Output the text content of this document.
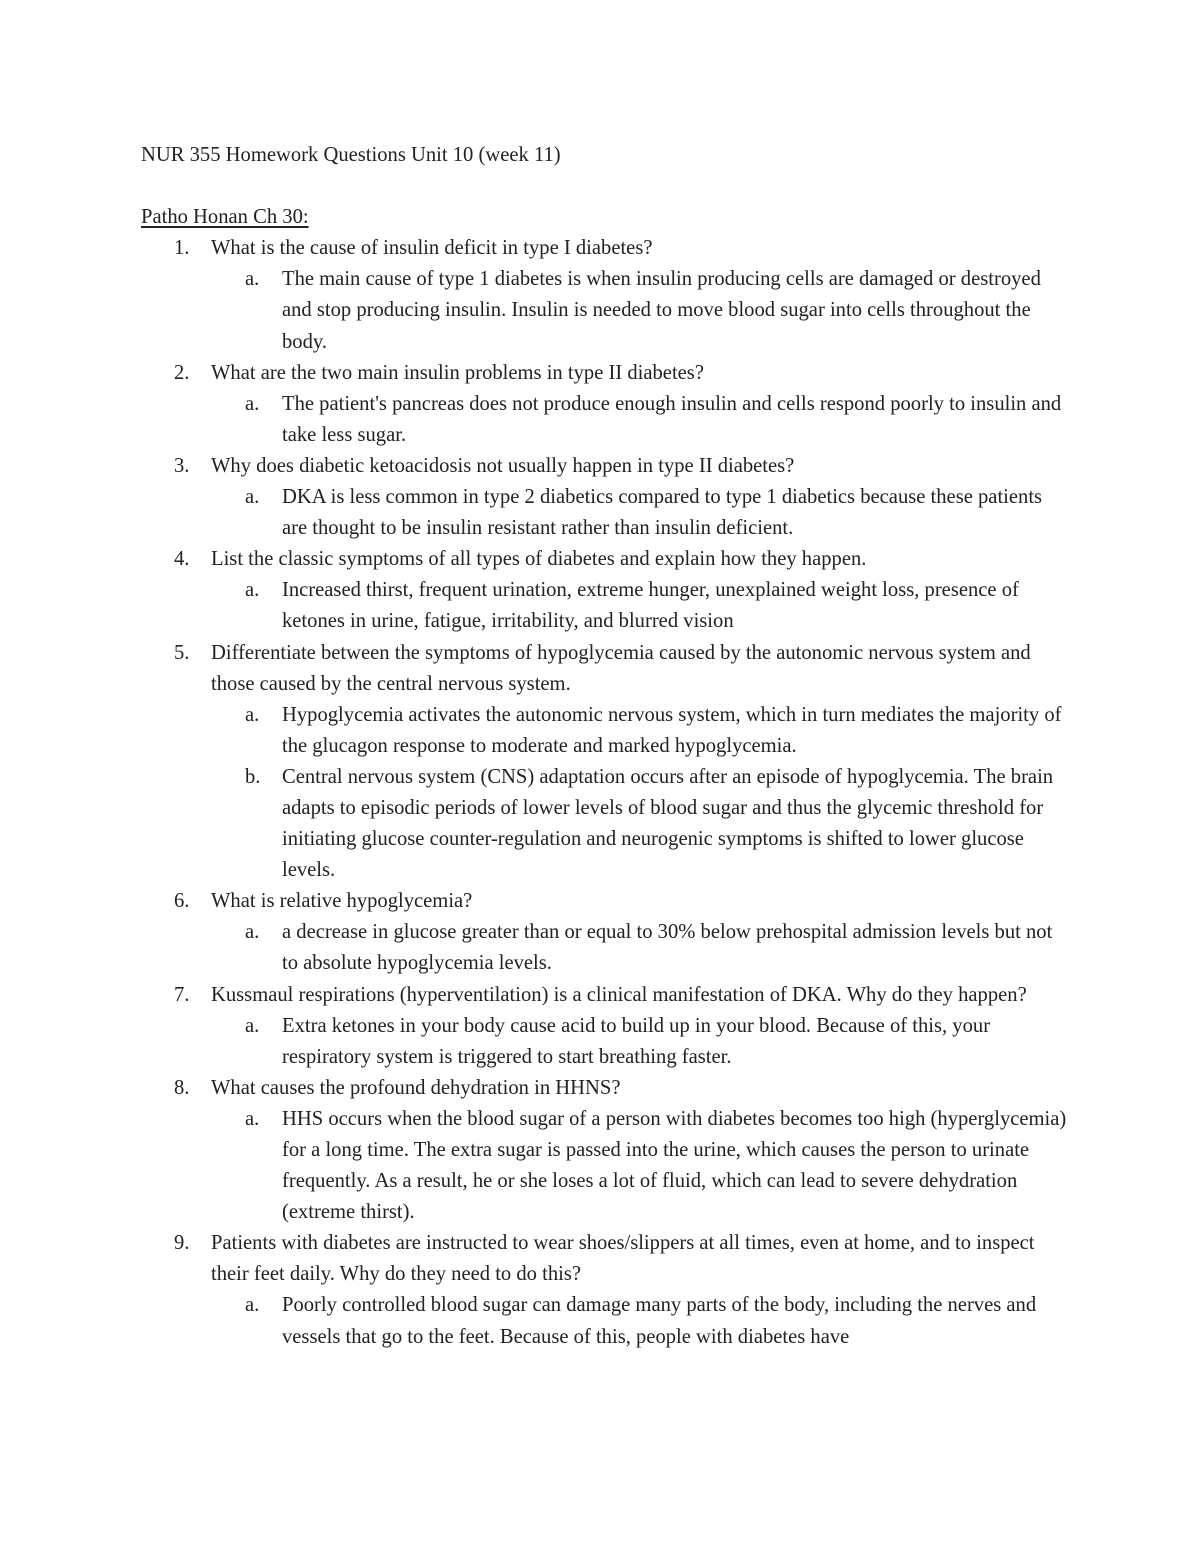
NUR 355 Homework Questions Unit 10 (week 11)
Patho Honan Ch 30:
1. What is the cause of insulin deficit in type I diabetes?
a. The main cause of type 1 diabetes is when insulin producing cells are damaged or destroyed and stop producing insulin. Insulin is needed to move blood sugar into cells throughout the body.
2. What are the two main insulin problems in type II diabetes?
a. The patient's pancreas does not produce enough insulin and cells respond poorly to insulin and take less sugar.
3. Why does diabetic ketoacidosis not usually happen in type II diabetes?
a. DKA is less common in type 2 diabetics compared to type 1 diabetics because these patients are thought to be insulin resistant rather than insulin deficient.
4. List the classic symptoms of all types of diabetes and explain how they happen.
a. Increased thirst, frequent urination, extreme hunger, unexplained weight loss, presence of ketones in urine, fatigue, irritability, and blurred vision
5. Differentiate between the symptoms of hypoglycemia caused by the autonomic nervous system and those caused by the central nervous system.
a. Hypoglycemia activates the autonomic nervous system, which in turn mediates the majority of the glucagon response to moderate and marked hypoglycemia.
b. Central nervous system (CNS) adaptation occurs after an episode of hypoglycemia. The brain adapts to episodic periods of lower levels of blood sugar and thus the glycemic threshold for initiating glucose counter-regulation and neurogenic symptoms is shifted to lower glucose levels.
6. What is relative hypoglycemia?
a. a decrease in glucose greater than or equal to 30% below prehospital admission levels but not to absolute hypoglycemia levels.
7. Kussmaul respirations (hyperventilation) is a clinical manifestation of DKA. Why do they happen?
a. Extra ketones in your body cause acid to build up in your blood. Because of this, your respiratory system is triggered to start breathing faster.
8. What causes the profound dehydration in HHNS?
a. HHS occurs when the blood sugar of a person with diabetes becomes too high (hyperglycemia) for a long time. The extra sugar is passed into the urine, which causes the person to urinate frequently. As a result, he or she loses a lot of fluid, which can lead to severe dehydration (extreme thirst).
9. Patients with diabetes are instructed to wear shoes/slippers at all times, even at home, and to inspect their feet daily. Why do they need to do this?
a. Poorly controlled blood sugar can damage many parts of the body, including the nerves and vessels that go to the feet. Because of this, people with diabetes have
